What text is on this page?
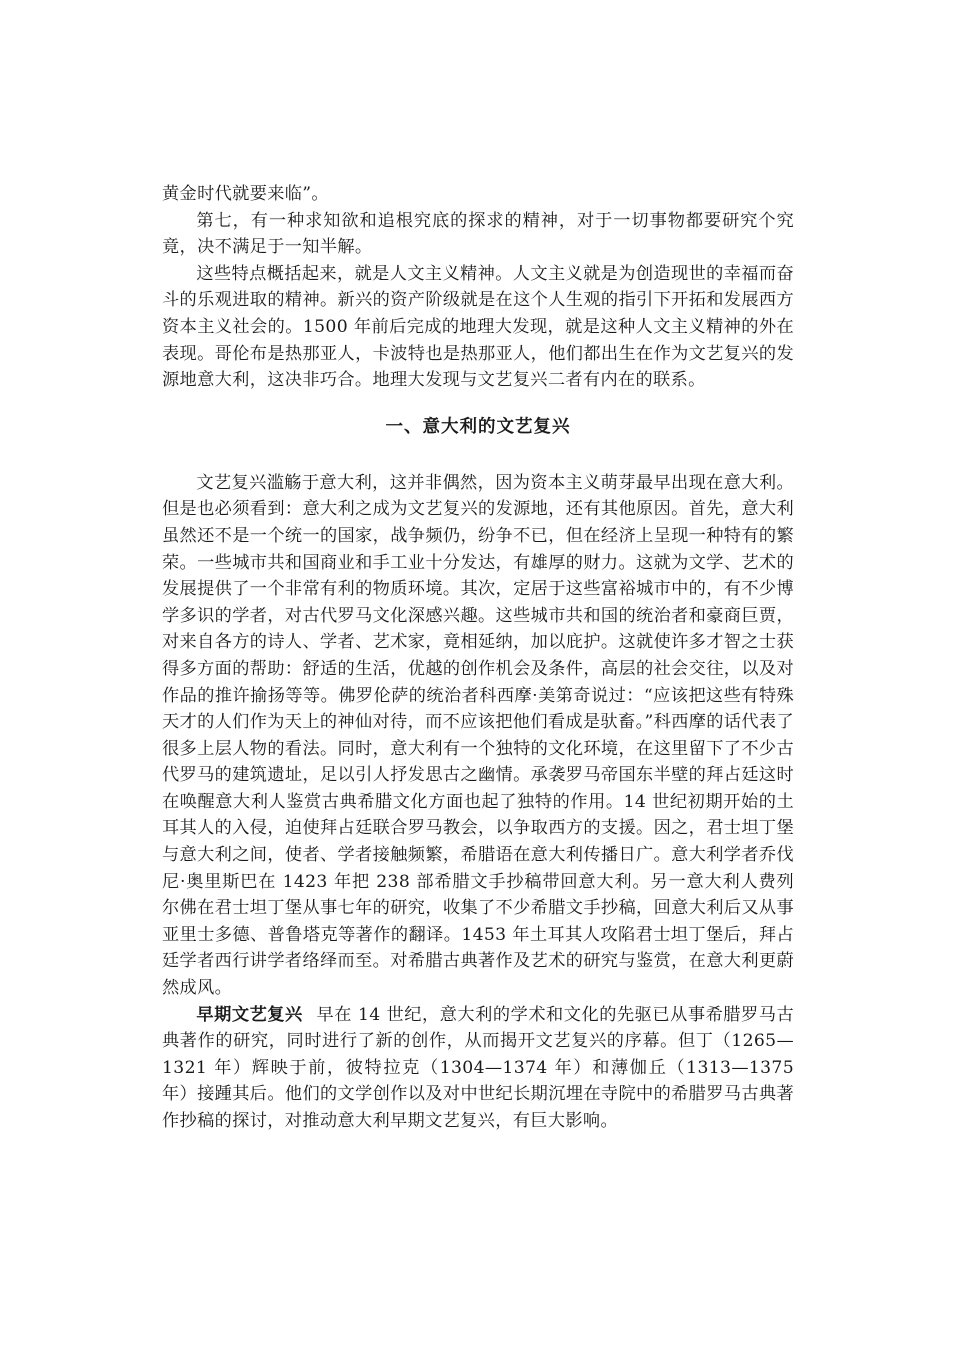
黄金时代就要来临”。

第七，有一种求知欲和追根究底的探求的精神，对于一切事物都要研究个究竟，决不满足于一知半解。

这些特点概括起来，就是人文主义精神。人文主义就是为创造现世的幸福而奋斗的乐观进取的精神。新兴的资产阶级就是在这个人生观的指引下开拓和发展西方资本主义社会的。1500 年前后完成的地理大发现，就是这种人文主义精神的外在表现。哥伦布是热那亚人，卡波特也是热那亚人，他们都出生在作为文艺复兴的发源地意大利，这决非巧合。地理大发现与文艺复兴二者有内在的联系。

一、意大利的文艺复兴

文艺复兴滥觞于意大利，这并非偶然，因为资本主义萌芽最早出现在意大利。但是也必须看到：意大利之成为文艺复兴的发源地，还有其他原因。首先，意大利虽然还不是一个统一的国家，战争频仍，纷争不已，但在经济上呈现一种特有的繁荣。一些城市共和国商业和手工业十分发达，有雄厚的财力。这就为文学、艺术的发展提供了一个非常有利的物质环境。其次，定居于这些富裕城市中的，有不少博学多识的学者，对古代罗马文化深感兴趣。这些城市共和国的统治者和豪商巨贾，对来自各方的诗人、学者、艺术家，竟相延纳，加以庇护。这就使许多才智之士获得多方面的帮助：舒适的生活，优越的创作机会及条件，高层的社会交往，以及对作品的推许揄扬等等。佛罗伦萨的统治者科西摩·美第奇说过：“应该把这些有特殊天才的人们作为天上的神仙对待，而不应该把他们看成是驮畜。”科西摩的话代表了很多上层人物的看法。同时，意大利有一个独特的文化环境，在这里留下了不少古代罗马的建筑遗址，足以引人抒发思古之幽情。承袭罗马帝国东半壁的拜占廷这时在唤醒意大利人鉴赏古典希腊文化方面也起了独特的作用。14 世纪初期开始的土耳其人的入侵，迫使拜占廷联合罗马教会，以争取西方的支援。因之，君士坦丁堡与意大利之间，使者、学者接触频繁，希腊语在意大利传播日广。意大利学者乔伐尼·奥里斯巴在 1423 年把 238 部希腊文手抄稿带回意大利。另一意大利人费列尔佛在君士坦丁堡从事七年的研究，收集了不少希腊文手抄稿，回意大利后又从事亚里士多德、普鲁塔克等著作的翻译。1453 年土耳其人攻陷君士坦丁堡后，拜占廷学者西行讲学者络绎而至。对希腊古典著作及艺术的研究与鉴赏，在意大利更蔚然成风。

早期文艺复兴 早在 14 世纪，意大利的学术和文化的先驱已从事希腊罗马古典著作的研究，同时进行了新的创作，从而揭开文艺复兴的序幕。但丁（1265—1321 年）辉映于前，彼特拉克（1304—1374 年）和薄伽丘（1313—1375 年）接踵其后。他们的文学创作以及对中世纪长期沉埋在寺院中的希腊罗马古典著作抄稿的探讨，对推动意大利早期文艺复兴，有巨大影响。
